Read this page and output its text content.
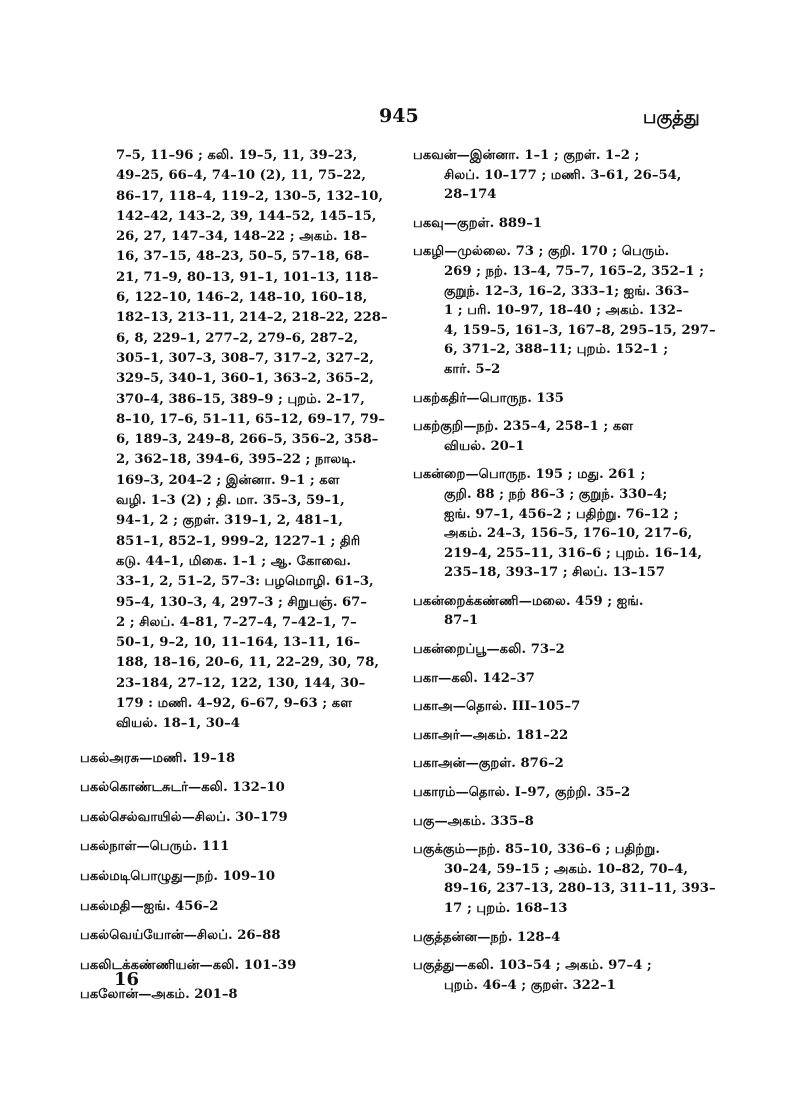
945	பகுத்து
7–5, 11–96 ; கலி. 19–5, 11, 39–23,
49–25, 66–4, 74–10 (2), 11, 75–22,
86–17, 118–4, 119–2, 130–5, 132–10,
142–42, 143–2, 39, 144–52, 145–15,
26, 27, 147–34, 148–22 ; அகம். 18–
16, 37–15, 48–23, 50–5, 57–18, 68–
21, 71–9, 80–13, 91–1, 101–13, 118–
6, 122–10, 146–2, 148–10, 160–18,
182–13, 213–11, 214–2, 218–22, 228–
6, 8, 229–1, 277–2, 279–6, 287–2,
305–1, 307–3, 308–7, 317–2, 327–2,
329–5, 340–1, 360–1, 363–2, 365–2,
370–4, 386–15, 389–9 ; புறம். 2–17,
8–10, 17–6, 51–11, 65–12, 69–17, 79–
6, 189–3, 249–8, 266–5, 356–2, 358–
2, 362–18, 394–6, 395–22 ; நாலடி.
169–3, 204–2 ; இன்னா. 9–1 ; கள
வழி. 1–3 (2) ; தி. மா. 35–3, 59–1,
94–1, 2 ; குறள். 319–1, 2, 481–1,
851–1, 852–1, 999–2, 1227–1 ; திரி
கடு. 44–1, மிகை. 1–1 ; ஆ. கோவை.
33–1, 2, 51–2, 57–3: பழமொழி. 61–3,
95–4, 130–3, 4, 297–3 ; சிறுபஞ். 67–
2 ; சிலப். 4–81, 7–27–4, 7–42–1, 7–
50–1, 9–2, 10, 11–164, 13–11, 16–
188, 18–16, 20–6, 11, 22–29, 30, 78,
23–184, 27–12, 122, 130, 144, 30–
179 : மணி. 4–92, 6–67, 9–63 ; கள
வியல். 18–1, 30–4
பகல்அரசு—மணி. 19–18
பகல்கொண்டசுடர்—கலி. 132–10
பகல்செல்வாயில்—சிலப். 30–179
பகல்நாள்—பெரும். 111
பகல்மடிபொழுது—நற். 109–10
பகல்மதி—ஐங். 456–2
பகல்வெய்யோன்—சிலப். 26–88
பகலிடக்கண்ணியன்—கலி. 101–39
பகலோன்—அகம். 201–8
பகவன்—இன்னா. 1–1 ; குறள். 1–2 ;
சிலப். 10–177 ; மணி. 3–61, 26–54,
28–174
பகவு—குறள். 889–1
பகழி—முல்லை. 73 ; குறி. 170 ; பெரும்.
269 ; நற். 13–4, 75–7, 165–2, 352–1 ;
குறுந். 12–3, 16–2, 333–1; ஐங். 363–
1 ; பரி. 10–97, 18–40 ; அகம். 132–
4, 159–5, 161–3, 167–8, 295–15, 297–
6, 371–2, 388–11; புறம். 152–1 ;
கார். 5–2
பகற்கதிர்—பொருந. 135
பகற்குறி—நற். 235–4, 258–1 ; கள
வியல். 20–1
பகன்றை—பொருந. 195 ; மது. 261 ;
குறி. 88 ; நற் 86–3 ; குறுந். 330–4;
ஐங். 97–1, 456–2 ; பதிற்று. 76–12 ;
அகம். 24–3, 156–5, 176–10, 217–6,
219–4, 255–11, 316–6 ; புறம். 16–14,
235–18, 393–17 ; சிலப். 13–157
பகன்றைக்கண்ணி—மலை. 459 ; ஐங்.
87–1
பகன்றைப்பூ—கலி. 73–2
பகா—கலி. 142–37
பகாஅ—தொல். III–105–7
பகாஅர்—அகம். 181–22
பகாஅன்—குறள். 876–2
பகாரம்—தொல். I–97, குற்றி. 35–2
பகு—அகம். 335–8
பகுக்கும்—நற். 85–10, 336–6 ; பதிற்று.
30–24, 59–15 ; அகம். 10–82, 70–4,
89–16, 237–13, 280–13, 311–11, 393–
17 ; புறம். 168–13
பகுத்தன்ன—நற். 128–4
பகுத்து—கலி. 103–54 ; அகம். 97–4 ;
புறம். 46–4 ; குறள். 322–1
16
